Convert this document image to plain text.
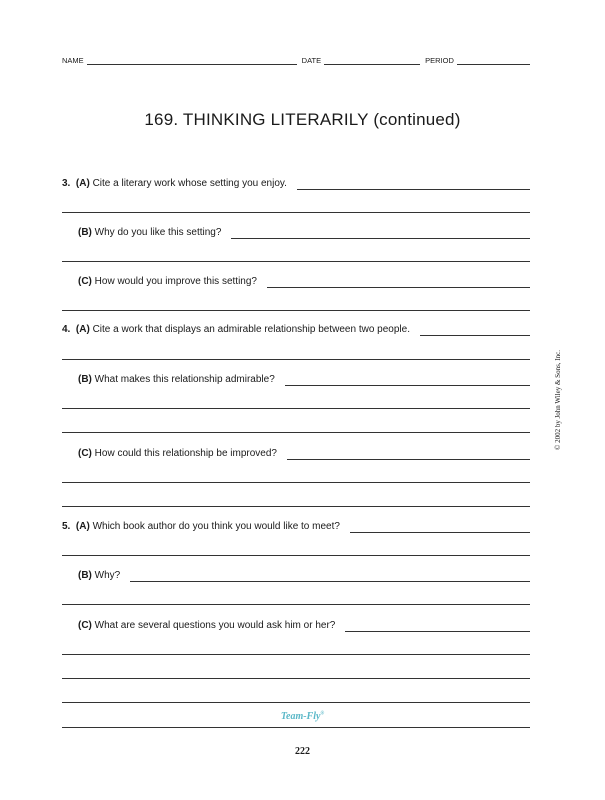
NAME	DATE	PERIOD
169. THINKING LITERARILY (continued)
3. (A) Cite a literary work whose setting you enjoy.
(B) Why do you like this setting?
(C) How would you improve this setting?
4. (A) Cite a work that displays an admirable relationship between two people.
(B) What makes this relationship admirable?
(C) How could this relationship be improved?
5. (A) Which book author do you think you would like to meet?
(B) Why?
(C) What are several questions you would ask him or her?
© 2002 by John Wiley & Sons, Inc.
Team-Fly®
222
